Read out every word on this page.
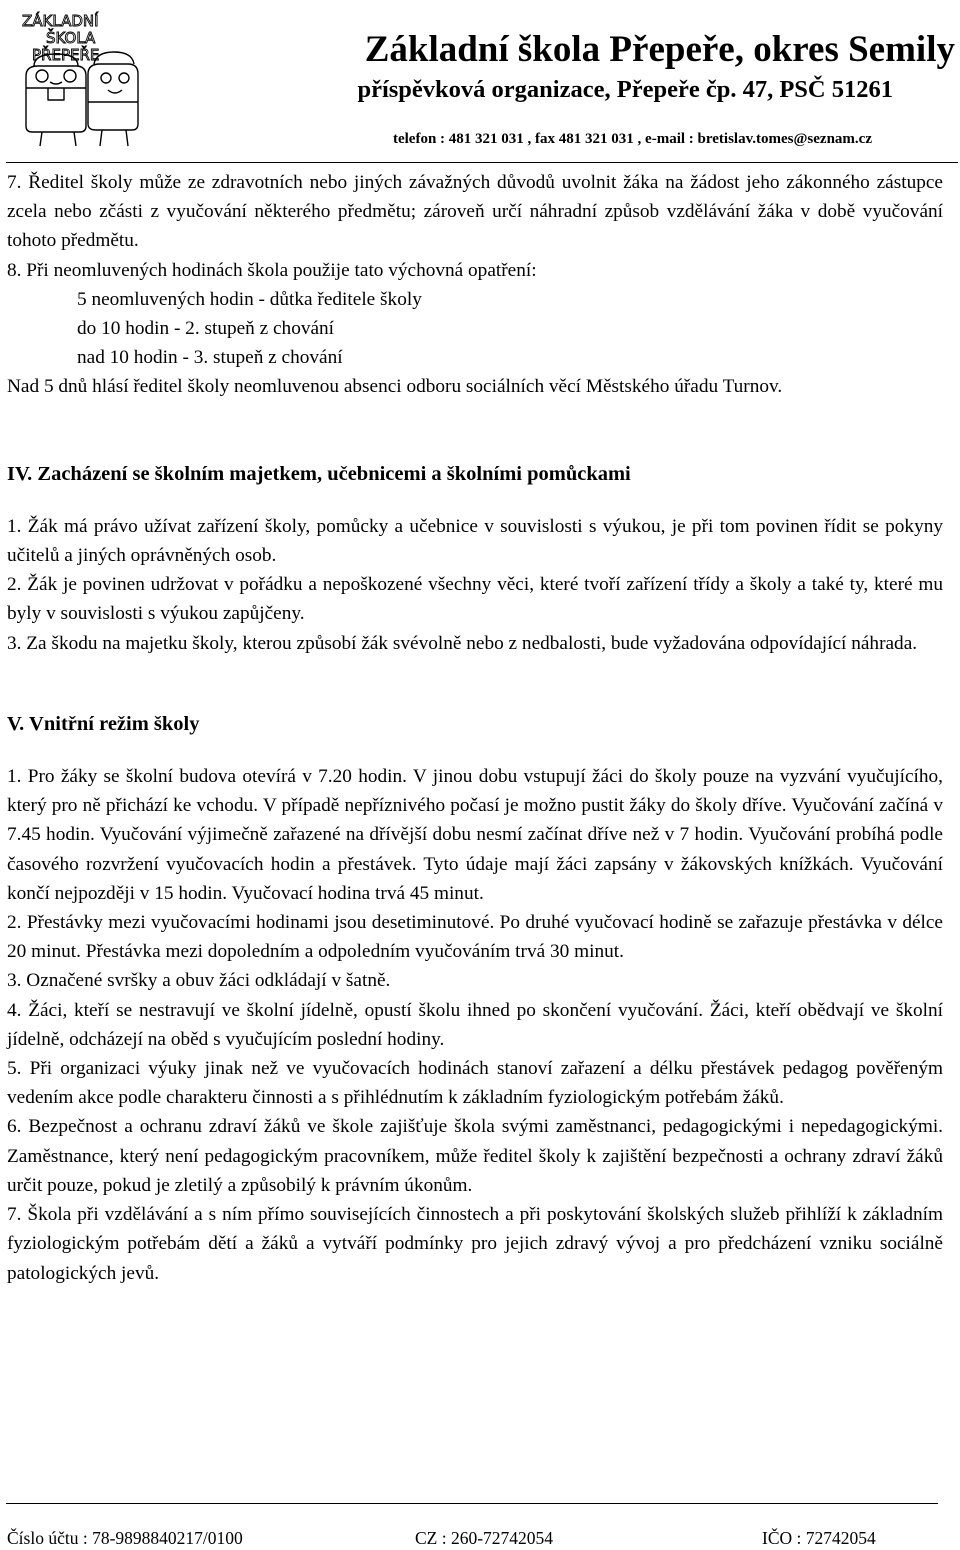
ZÁKLADNÍ
ŠKOLA
PŘEPEŘE	Základní škola Přepeře, okres Semily
příspěvková organizace, Přepeře čp. 47, PSČ 51261
telefon : 481 321 031 , fax 481 321 031 , e-mail : bretislav.tomes@seznam.cz

7. Ředitel školy může ze zdravotních nebo jiných závažných důvodů uvolnit žáka na žádost jeho zákonného zástupce zcela nebo zčásti z vyučování některého předmětu; zároveň určí náhradní způsob vzdělávání žáka v době vyučování tohoto předmětu.

8. Při neomluvených hodinách škola použije tato výchovná opatření:

5 neomluvených hodin - důtka ředitele školy

do 10 hodin - 2. stupeň z chování

nad 10 hodin - 3. stupeň z chování

Nad 5 dnů hlásí ředitel školy neomluvenou absenci odboru sociálních věcí Městského úřadu Turnov.

IV. Zacházení se školním majetkem, učebnicemi a školními pomůckami

1. Žák má právo užívat zařízení školy, pomůcky a učebnice v souvislosti s výukou, je při tom povinen řídit se pokyny učitelů a jiných oprávněných osob.

2. Žák je povinen udržovat v pořádku a nepoškozené všechny věci, které tvoří zařízení třídy a školy a také ty, které mu byly v souvislosti s výukou zapůjčeny.

3. Za škodu na majetku školy, kterou způsobí žák svévolně nebo z nedbalosti, bude vyžadována odpovídající náhrada.

V. Vnitřní režim školy

1. Pro žáky se školní budova otevírá v 7.20 hodin. V jinou dobu vstupují žáci do školy pouze na vyzvání vyučujícího, který pro ně přichází ke vchodu. V případě nepříznivého počasí je možno pustit žáky do školy dříve. Vyučování začíná v 7.45 hodin. Vyučování výjimečně zařazené na dřívější dobu nesmí začínat dříve než v 7 hodin. Vyučování probíhá podle časového rozvržení vyučovacích hodin a přestávek. Tyto údaje mají žáci zapsány v žákovských knížkách. Vyučování končí nejpozději v 15 hodin. Vyučovací hodina trvá 45 minut.

2. Přestávky mezi vyučovacími hodinami jsou desetiminutové. Po druhé vyučovací hodině se zařazuje přestávka v délce 20 minut. Přestávka mezi dopoledním a odpoledním vyučováním trvá 30 minut.

3. Označené svršky a obuv žáci odkládají v šatně.

4. Žáci, kteří se nestravují ve školní jídelně, opustí školu ihned po skončení vyučování. Žáci, kteří obědvají ve školní jídelně, odcházejí na oběd s vyučujícím poslední hodiny.

5. Při organizaci výuky jinak než ve vyučovacích hodinách stanoví zařazení a délku přestávek pedagog pověřeným vedením akce podle charakteru činnosti a s přihlédnutím k základním fyziologickým potřebám žáků.

6. Bezpečnost a ochranu zdraví žáků ve škole zajišťuje škola svými zaměstnanci, pedagogickými i nepedagogickými. Zaměstnance, který není pedagogickým pracovníkem, může ředitel školy k zajištění bezpečnosti a ochrany zdraví žáků určit pouze, pokud je zletilý a způsobilý k právním úkonům.

7. Škola při vzdělávání a s ním přímo souvisejících činnostech a při poskytování školských služeb přihlíží k základním fyziologickým potřebám dětí a žáků a vytváří podmínky pro jejich zdravý vývoj a pro předcházení vzniku sociálně patologických jevů.

Číslo účtu : 78-9898840217/0100	CZ : 260-72742054	IČO : 72742054
